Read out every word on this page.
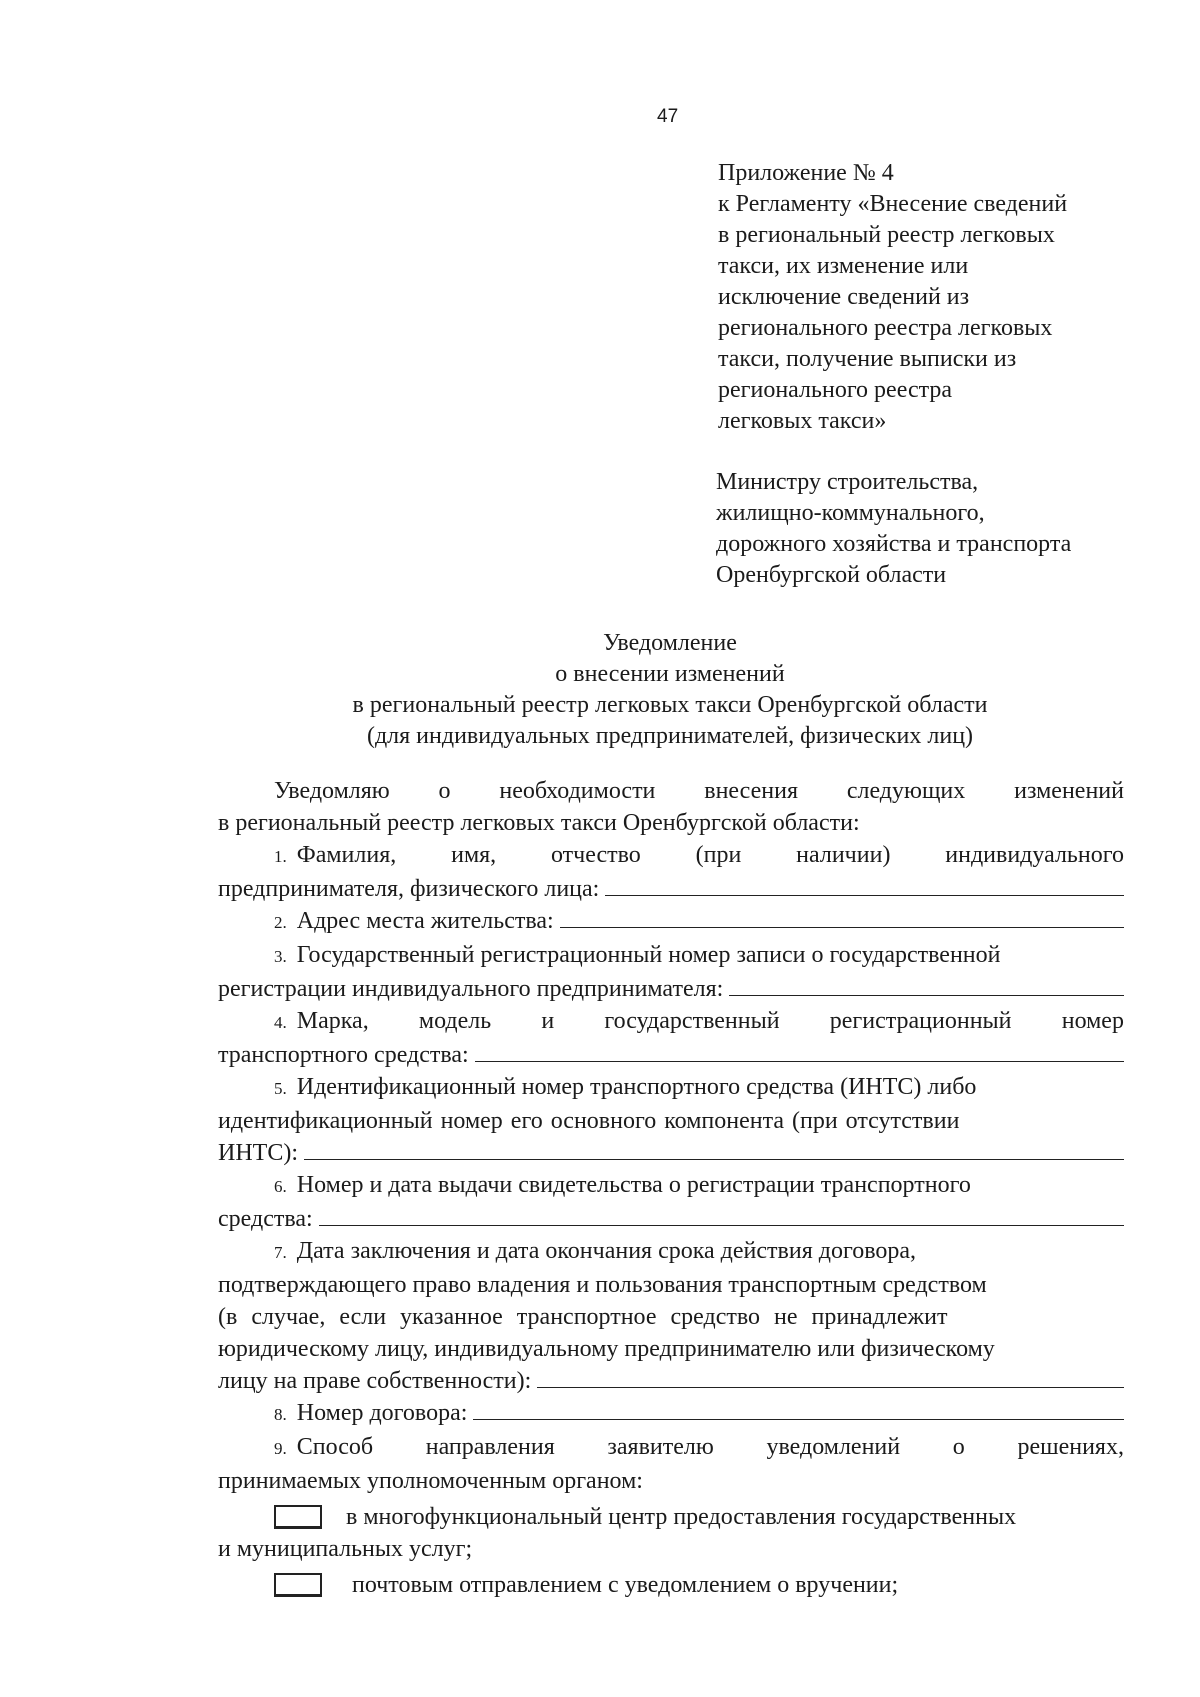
47
Приложение № 4
к Регламенту «Внесение сведений
в региональный реестр легковых
такси, их изменение или
исключение сведений из
регионального реестра легковых
такси, получение выписки из
регионального реестра
легковых такси»
Министру строительства,
жилищно-коммунального,
дорожного хозяйства и транспорта
Оренбургской области
Уведомление
о внесении изменений
в региональный реестр легковых такси Оренбургской области
(для индивидуальных предпринимателей, физических лиц)
Уведомляю о необходимости внесения следующих изменений
в региональный реестр легковых такси Оренбургской области:
1. Фамилия, имя, отчество (при наличии) индивидуального
предпринимателя, физического лица:
2. Адрес места жительства:
3. Государственный регистрационный номер записи о государственной
регистрации индивидуального предпринимателя:
4. Марка, модель и государственный регистрационный номер
транспортного средства:
5. Идентификационный номер транспортного средства (ИНТС) либо
идентификационный номер его основного компонента (при отсутствии
ИНТС):
6. Номер и дата выдачи свидетельства о регистрации транспортного
средства:
7. Дата заключения и дата окончания срока действия договора,
подтверждающего право владения и пользования транспортным средством
(в случае, если указанное транспортное средство не принадлежит
юридическому лицу, индивидуальному предпринимателю или физическому
лицу на праве собственности):
8. Номер договора:
9. Способ направления заявителю уведомлений о решениях,
принимаемых уполномоченным органом:
в многофункциональный центр предоставления государственных
и муниципальных услуг;
почтовым отправлением с уведомлением о вручении;
